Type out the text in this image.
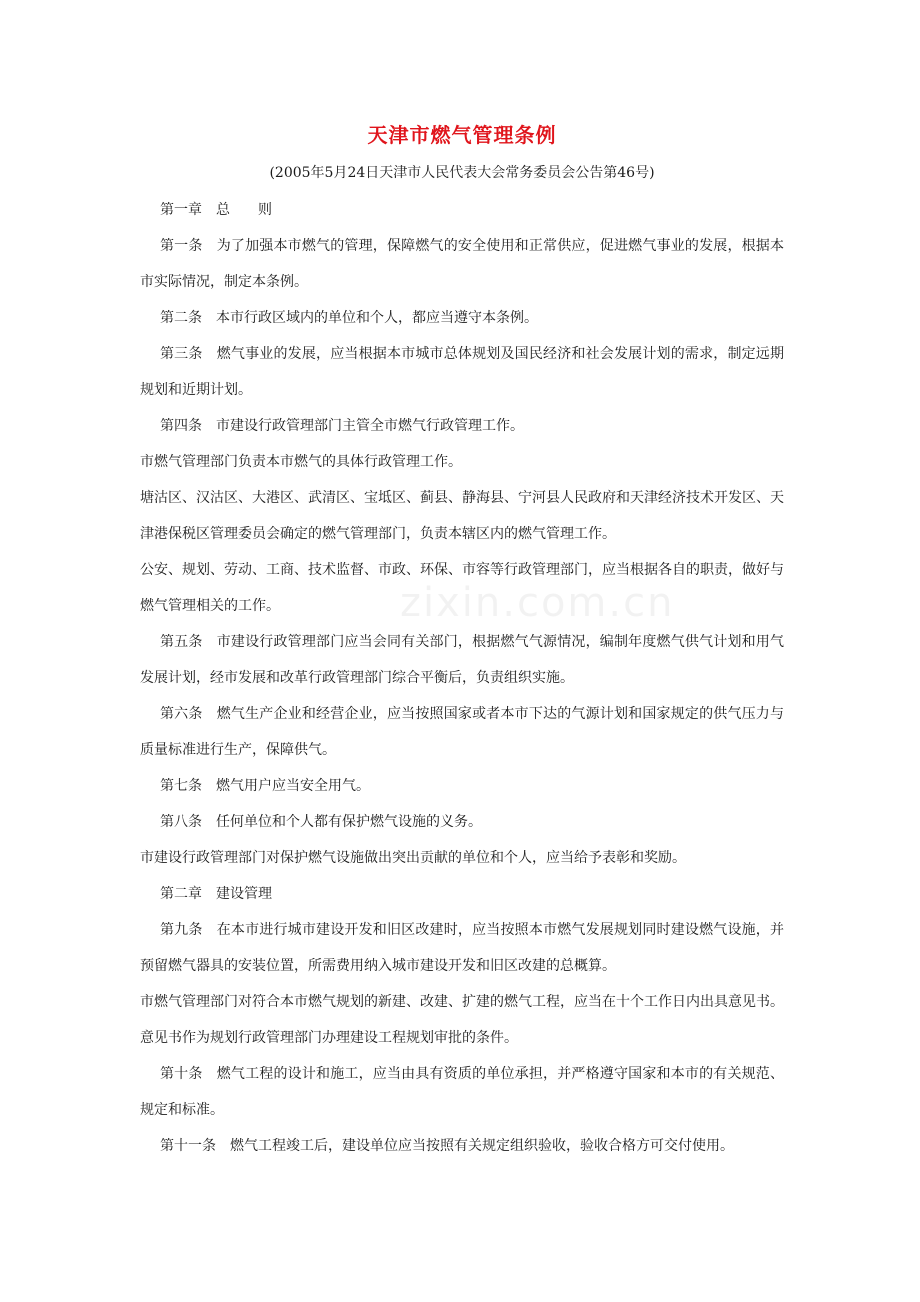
zixin.com.cn
天津市燃气管理条例

(2005年5月24日天津市人民代表大会常务委员会公告第46号)

第一章　总　　则

第一条　为了加强本市燃气的管理，保障燃气的安全使用和正常供应，促进燃气事业的发展，根据本市实际情况，制定本条例。

第二条　本市行政区域内的单位和个人，都应当遵守本条例。

第三条　燃气事业的发展，应当根据本市城市总体规划及国民经济和社会发展计划的需求，制定远期规划和近期计划。

第四条　市建设行政管理部门主管全市燃气行政管理工作。

市燃气管理部门负责本市燃气的具体行政管理工作。

塘沽区、汉沽区、大港区、武清区、宝坻区、蓟县、静海县、宁河县人民政府和天津经济技术开发区、天津港保税区管理委员会确定的燃气管理部门，负责本辖区内的燃气管理工作。

公安、规划、劳动、工商、技术监督、市政、环保、市容等行政管理部门，应当根据各自的职责，做好与燃气管理相关的工作。

第五条　市建设行政管理部门应当会同有关部门，根据燃气气源情况，编制年度燃气供气计划和用气发展计划，经市发展和改革行政管理部门综合平衡后，负责组织实施。

第六条　燃气生产企业和经营企业，应当按照国家或者本市下达的气源计划和国家规定的供气压力与质量标准进行生产，保障供气。

第七条　燃气用户应当安全用气。

第八条　任何单位和个人都有保护燃气设施的义务。

市建设行政管理部门对保护燃气设施做出突出贡献的单位和个人，应当给予表彰和奖励。

第二章　建设管理

第九条　在本市进行城市建设开发和旧区改建时，应当按照本市燃气发展规划同时建设燃气设施，并预留燃气器具的安装位置，所需费用纳入城市建设开发和旧区改建的总概算。

市燃气管理部门对符合本市燃气规划的新建、改建、扩建的燃气工程，应当在十个工作日内出具意见书。意见书作为规划行政管理部门办理建设工程规划审批的条件。

第十条　燃气工程的设计和施工，应当由具有资质的单位承担，并严格遵守国家和本市的有关规范、规定和标准。

第十一条　燃气工程竣工后，建设单位应当按照有关规定组织验收，验收合格方可交付使用。
